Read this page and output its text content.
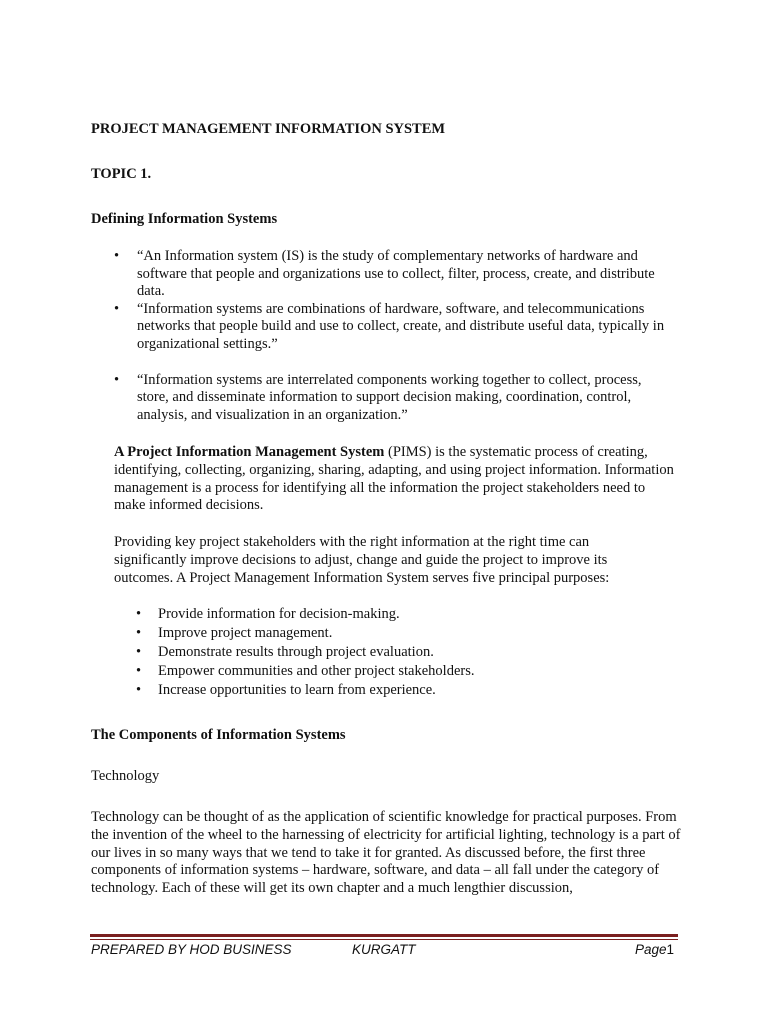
PROJECT MANAGEMENT INFORMATION SYSTEM

TOPIC 1.

Defining Information Systems

• “An Information system (IS) is the study of complementary networks of hardware and software that people and organizations use to collect, filter, process, create, and distribute data.
• “Information systems are combinations of hardware, software, and telecommunications networks that people build and use to collect, create, and distribute useful data, typically in organizational settings.”
• “Information systems are interrelated components working together to collect, process, store, and disseminate information to support decision making, coordination, control, analysis, and visualization in an organization.”

A Project Information Management System (PIMS) is the systematic process of creating, identifying, collecting, organizing, sharing, adapting, and using project information. Information management is a process for identifying all the information the project stakeholders need to make informed decisions.

Providing key project stakeholders with the right information at the right time can significantly improve decisions to adjust, change and guide the project to improve its outcomes. A Project Management Information System serves five principal purposes:

• Provide information for decision-making.
• Improve project management.
• Demonstrate results through project evaluation.
• Empower communities and other project stakeholders.
• Increase opportunities to learn from experience.

The Components of Information Systems

Technology

Technology can be thought of as the application of scientific knowledge for practical purposes. From the invention of the wheel to the harnessing of electricity for artificial lighting, technology is a part of our lives in so many ways that we tend to take it for granted. As discussed before, the first three components of information systems – hardware, software, and data – all fall under the category of technology. Each of these will get its own chapter and a much lengthier discussion,

PREPARED BY HOD BUSINESS	KURGATT	Page1
